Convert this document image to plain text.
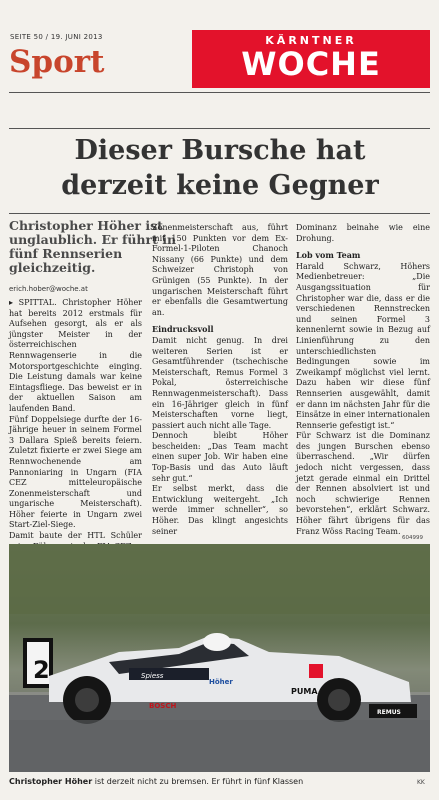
SEITE 50 / 19. JUNI 2013
Sport
KÄRNTNER
WOCHE
Dieser Bursche hat derzeit keine Gegner
Christopher Höher ist unglaublich. Er führt in fünf Rennserien gleichzeitig.
erich.hober@woche.at

▸ SPITTAL. Christopher Höher hat bereits 2012 erstmals für Aufsehen gesorgt, als er als jüngster Meister in der österreichischen Rennwagenserie in die Motorsportgeschichte einging. Die Leistung damals war keine Eintagsfliege. Das beweist er in der aktuellen Saison am laufenden Band.

Fünf Doppelsiege durfte der 16-Jährige heuer in seinem Formel 3 Dallara Spieß bereits feiern. Zuletzt fixierte er zwei Siege am Rennwochenende am Pannoniaring in Ungarn (FIA CEZ mitteleuropäische Zonenmeisterschaft und ungarische Meisterschaft). Höher feierte in Ungarn zwei Start-Ziel-Siege.

Damit baute der HTL Schüler

Zonenmeisterschaft aus, führt mit 150 Punkten vor dem Ex-Formel-1-Piloten Chanoch Nissany (66 Punkte) und dem Schweizer Christoph von Grünigen (55 Punkte). In der ungarischen Meisterschaft führt er ebenfalls die Gesamtwertung an.

Eindrucksvoll

Damit nicht genug. In drei weiteren Serien ist er Gesamtführender (tschechische Meisterschaft, Remus Formel 3 Pokal, österreichische Rennwagenmeisterschaft). Dass ein 16-Jähriger gleich in fünf Meisterschaften vorne liegt, passiert auch nicht alle Tage.

Dennoch bleibt Höher bescheiden: „Das Team macht einen super Job. Wir haben eine Top-Basis und das Auto läuft sehr gut.“

Er selbst merkt, dass die Entwicklung weitergeht. „Ich werde immer schneller“, so Höher. Das klingt angesichts seiner

Dominanz beinahe wie eine Drohung.

Lob vom Team

Harald Schwarz, Höhers Medienbetreuer: „Die Ausgangssituation für Christopher war die, dass er die verschiedenen Rennstrecken und seinen Formel 3 kennenlernt sowie in Bezug auf Linienführung zu den unterschiedlichsten Bedingungen sowie im Zweikampf möglichst viel lernt. Dazu haben wir diese fünf Rennserien ausgewählt, damit er dann im nächsten Jahr für die Einsätze in einer internationalen Rennserie gefestigt ist.“

Für Schwarz ist die Dominanz des jungen Burschen ebenso überraschend. „Wir dürfen jedoch nicht vergessen, dass jetzt gerade einmal ein Drittel der Rennen absolviert ist und noch schwierige Rennen bevorstehen“, erklärt Schwarz. Höher fährt übrigens für das Franz Wöss Racing Team.

604999
2	Spiess
Höher
BOSCH
PUMA
REMUS
Christopher Höher ist derzeit nicht zu bremsen. Er führt in fünf Klassen	KK
